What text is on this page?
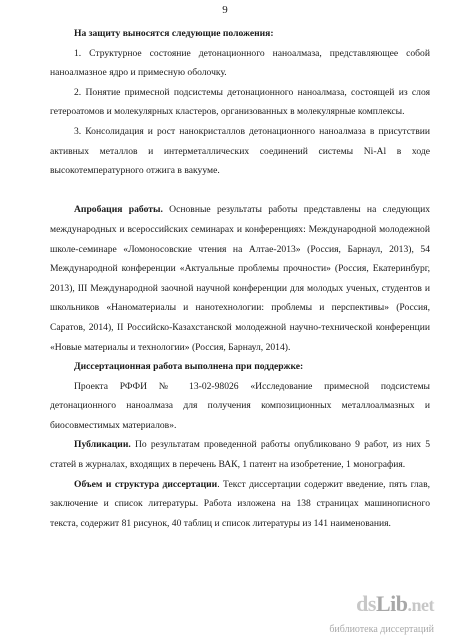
9

На защиту выносятся следующие положения:

1. Структурное состояние детонационного наноалмаза, представляющее собой наноалмазное ядро и примесную оболочку.

2. Понятие примесной подсистемы детонационного наноалмаза, состоящей из слоя гетероатомов и молекулярных кластеров, организованных в молекулярные комплексы.

3. Консолидация и рост нанокристаллов детонационного наноалмаза в присутствии активных металлов и интерметаллических соединений системы Ni-Al в ходе высокотемпературного отжига в вакууме.

Апробация работы. Основные результаты работы представлены на следующих международных и всероссийских семинарах и конференциях: Международной молодежной школе-семинаре «Ломоносовские чтения на Алтае-2013» (Россия, Барнаул, 2013), 54 Международной конференции «Актуальные проблемы прочности» (Россия, Екатеринбург, 2013), III Международной заочной научной конференции для молодых ученых, студентов и школьников «Наноматериалы и нанотехнологии: проблемы и перспективы» (Россия, Саратов, 2014), II Российско-Казахстанской молодежной научно-технической конференции «Новые материалы и технологии» (Россия, Барнаул, 2014).

Диссертационная работа выполнена при поддержке:

Проекта РФФИ № 13-02-98026 «Исследование примесной подсистемы детонационного наноалмаза для получения композиционных металлоалмазных и биосовместимых материалов».

Публикации. По результатам проведенной работы опубликовано 9 работ, из них 5 статей в журналах, входящих в перечень ВАК, 1 патент на изобретение, 1 монография.

Объем и структура диссертации. Текст диссертации содержит введение, пять глав, заключение и список литературы. Работа изложена на 138 страницах машинописного текста, содержит 81 рисунок, 40 таблиц и список литературы из 141 наименования.

dsLib.net
библиотека диссертаций
